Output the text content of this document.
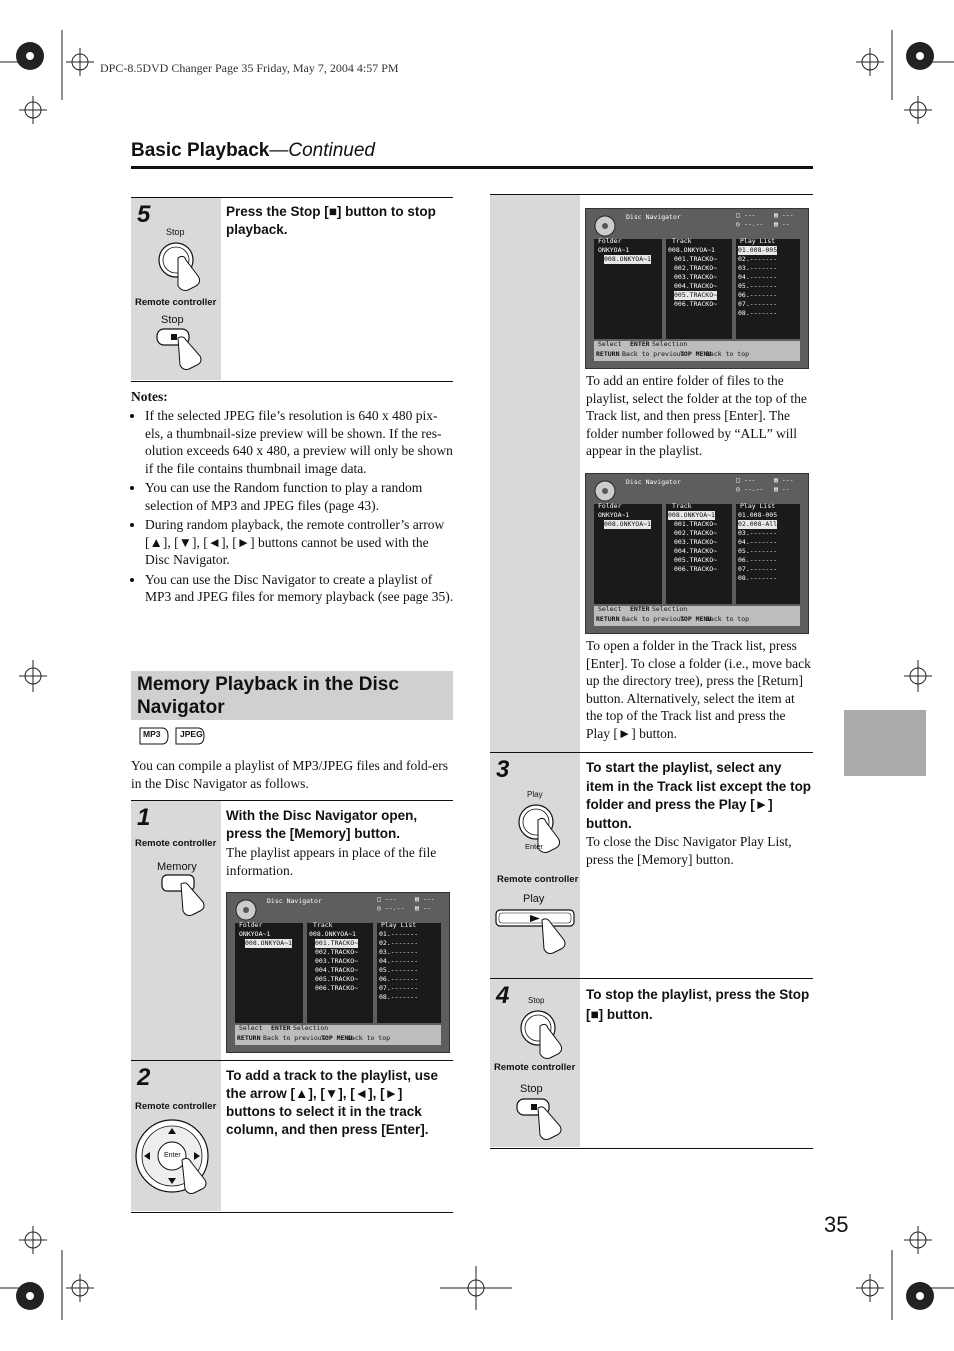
DPC-8.5DVD Changer Page 35 Friday, May 7, 2004 4:57 PM
Basic Playback—Continued
5
Stop
Remote controller
Stop
Press the Stop [■] button to stop playback.
Notes:
• If the selected JPEG file’s resolution is 640 x 480 pix-els, a thumbnail-size preview will be shown. If the res-olution exceeds 640 x 480, a preview will only be shown if the file contains thumbnail image data.
• You can use the Random function to play a random selection of MP3 and JPEG files (page 43).
• During random playback, the remote controller’s arrow [▲], [▼], [◄], [►] buttons cannot be used with the Disc Navigator.
• You can use the Disc Navigator to create a playlist of MP3 and JPEG files for memory playback (see page 35).
Memory Playback in the Disc Navigator
MP3 JPEG
You can compile a playlist of MP3/JPEG files and fold-ers in the Disc Navigator as follows.
1
Remote controller
Memory
With the Disc Navigator open, press the [Memory] button.
The playlist appears in place of the file information.
2
Remote controller
Enter
To add a track to the playlist, use the arrow [▲], [▼], [◄], [►] buttons to select it in the track column, and then press [Enter].
To add an entire folder of files to the playlist, select the folder at the top of the Track list, and then press [Enter]. The folder number followed by “ALL” will appear in the playlist.
To open a folder in the Track list, press [Enter]. To close a folder (i.e., move back up the directory tree), press the [Return] button. Alternatively, select the item at the top of the Track list and press the Play [►] button.
3
Play
Enter
Remote controller
Play
To start the playlist, select any item in the Track list except the top folder and press the Play [►] button.
To close the Disc Navigator Play List, press the [Memory] button.
4 Stop
Remote controller
Stop
To stop the playlist, press the Stop [■] button.
35
Disc Navigator	□ ---	▤ ---
◷ --.-- ▤ --
Folder
ONKYOA~1
008.ONKYOA~1
Track
008.ONKYOA~1
001.TRACKO~
002.TRACKO~
003.TRACKO~
004.TRACKO~
005.TRACKO~
006.TRACKO~
Play List
01.-------
02.-------
03.-------
04.-------
05.-------
06.-------
07.-------
08.-------
Select ENTER Selection
RETURN Back to previous
TOP MENU
Back to top
Disc Navigator	□ ---	▤ ---
◷ --.-- ▤ --
Folder
ONKYOA~1
008.ONKYOA~1
Track
008.ONKYOA~1
001.TRACKO~
002.TRACKO~
003.TRACKO~
004.TRACKO~
005.TRACKO~
006.TRACKO~
Play List
01.008-005
02.-------
03.-------
04.-------
05.-------
06.-------
07.-------
08.-------
Select ENTER Selection
RETURN Back to previous
TOP MENU
Back to top
Disc Navigator	□ ---	▤ ---
◷ --.-- ▤ --
Folder
ONKYOA~1
008.ONKYOA~1
Track
008.ONKYOA~1
001.TRACKO~
002.TRACKO~
003.TRACKO~
004.TRACKO~
005.TRACKO~
006.TRACKO~
Play List
01.008-005
02.008-All
03.-------
04.-------
05.-------
06.-------
07.-------
08.-------
Select ENTER Selection
RETURN Back to previous
TOP MENU
Back to top
